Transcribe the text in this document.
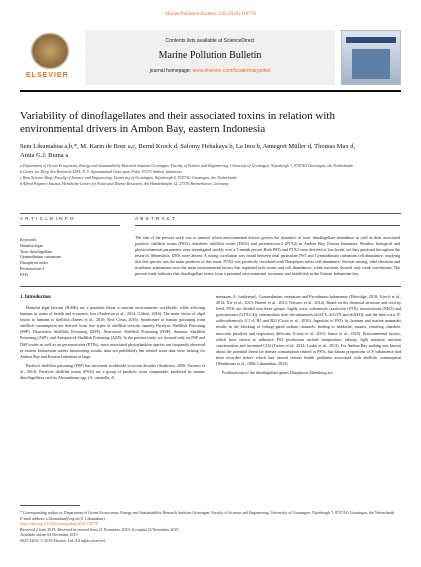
Marine Pollution Bulletin 150 (2020) 110778
ELSEVIER
Contents lists available at ScienceDirect
Marine Pollution Bulletin
journal homepage: www.elsevier.com/locate/marpolbul
Variability of dinoflagellates and their associated toxins in relation with environmental drivers in Ambon Bay, eastern Indonesia
Sem Likumahua a,b,*, M. Karin de Boer a,c, Bernd Krock d, Salomy Hehakaya b, La Imu b, Annegret Müller d, Thomas Max d, Anita G.J. Buma a
a Department of Ocean Ecosystems, Energy and Sustainability Research Institute Groningen, Faculty of Science and Engineering, University of Groningen, Nijenborgh 7, 9747AG Groningen, the Netherlands
b Centre for Deep Sea Research-LIPI, Jl. Y. Syaranamual Guru-guru Poka, 97233 Ambon, Indonesia
c Beta Science Shop, Faculty of Science and Engineering, University of Groningen, Nijenborgh 6, 9747AG Groningen, the Netherlands
d Alfred Wegener Institut, Helmholtz-Centre for Polar and Marine Research, Am Handelshafen 12, 27570 Bremerhaven, Germany
A R T I C L E I N F O	A B S T R A C T
Keywords:
Harmful algae
Toxic dinoflagellate
Gymnodinium catenatum
Dinophysis miles
Pectenotoxin-2
PSTs
The aim of the present work was to unravel which environmental drivers govern the dynamics of toxic dinoflagellate abundance as well as their associated paralytic shellfish toxins (PSTs), diarrhetic shellfish toxins (DSTs) and pectenotoxin-2 (PTX2) in Ambon Bay, Eastern Indonesia. Weather, biological and physicochemical parameters were investigated weekly over a 7-month period. Both PSTs and PTX2 were detected at low levels, yet they persisted throughout the research. Meanwhile, DSTs were absent. A strong correlation was found between total particulate PST and Gymnodinium catenatum cell abundance, implying that this species was the main producer of this toxin. PTX2 was positively correlated with Dinophysis miles cell abundance. Vertical mixing, tidal elevation and irradiance attenuation were the main environmental factors that regulated both toxins and cell abundances, while nutrients showed only weak correlations. The present study indicates that dinoflagellate toxins form a potential environmental, economic and health risk in the Eastern Indonesian bay.
1. Introduction

Harmful algal blooms (HABs) are a potential threat to marine environments worldwide, while affecting humans in terms of health and economic loss (Anderson et al., 2014; Glibert, 2016). The main vector of algal toxins to humans is shellfish (James et al., 2010; Reis Costa, 2016). Syndromes of human poisoning from shellfish consumption are derived from five types of shellfish toxicity, namely Paralytic Shellfish Poisoning (PSP), Diarrhoetic Shellfish Poisoning (DSP), Neurotoxic Shellfish Poisoning (NSP), Amnesic Shellfish Poisoning (ASP), and Azaspiracid Shellfish Poisoning (AZP). In the present study, we focused only on PSP and DSP toxins as well as on pectenotoxins (PTXs), since associated phytoplankton species are frequently observed in eastern Indonesian waters (monitoring results, data not published), but related toxin data were lacking for Ambon Bay and Eastern Indonesia at large.

Paralytic shellfish poisoning (PSP) has increased worldwide in recent decades (Anderson, 2009; Navarro et al., 2014). Paralytic shellfish toxins (PSTs) are a group of paralytic toxin compounds, produced by marine dinoflagellates such as Alexandrium spp. (A. catenella, A.

minutum, A. fundyense), Gymnodinium catenatum and Pyrodinium bahamense (Etheridge, 2010; Ujević et al., 2012; Xie et al., 2013; Barrett et al., 2013; Navarro et al., 2014). Based on the chemical structure and toxicity level, PSTs are divided into three groups: highly toxic carbamoyls (saxitoxin (STX), neosaxitoxin (NEO) and gonyautoxins (GTX1-4)), intermediate toxic decarbamoyls (dcSTX, dcGTX and dcNEO); and the least toxic N-sulfocarbamoyls (C1-4, B1 and B2) (Costa et al., 2010). Ingestion of PSTs by humans and marine mammals results in the blocking of voltage-gated sodium channels, leading to headache, nausea, vomiting, diarrhea, muscular paralysis and respiratory difficulty (Costa et al., 2010; James et al., 2010). Environmental factors, which have shown to influence PST production include temperature, salinity, light intensity, nutrient concentration and increased CO2 (Tatters et al., 2013; Laabir et al., 2013). For Ambon Bay nothing was known about the potential threat for human consumption related to PSTs, but bloom proportions of P. bahamense had been recorded before which had caused serious health problems associated with shellfish consumption (Wiadnyana et al., 1996; Likumahua, 2013).

Proliferations of the dinoflagellate genus Dinophysis Ehrenberg are

* Corresponding author at: Department of Ocean Ecosystems, Energy and Sustainability Research Institute Groningen, Faculty of Science and Engineering, University of Groningen, Nijenborgh 7, 9747AG Groningen, the Netherlands.
E-mail address: s.likumahua@rug.nl (S. Likumahua).
https://doi.org/10.1016/j.marpolbul.2019.110778
Received 2 June 2019; Received in revised form 21 November 2019; Accepted 23 November 2019
Available online 04 December 2019
0025-326X/ © 2019 Elsevier Ltd. All rights reserved.
